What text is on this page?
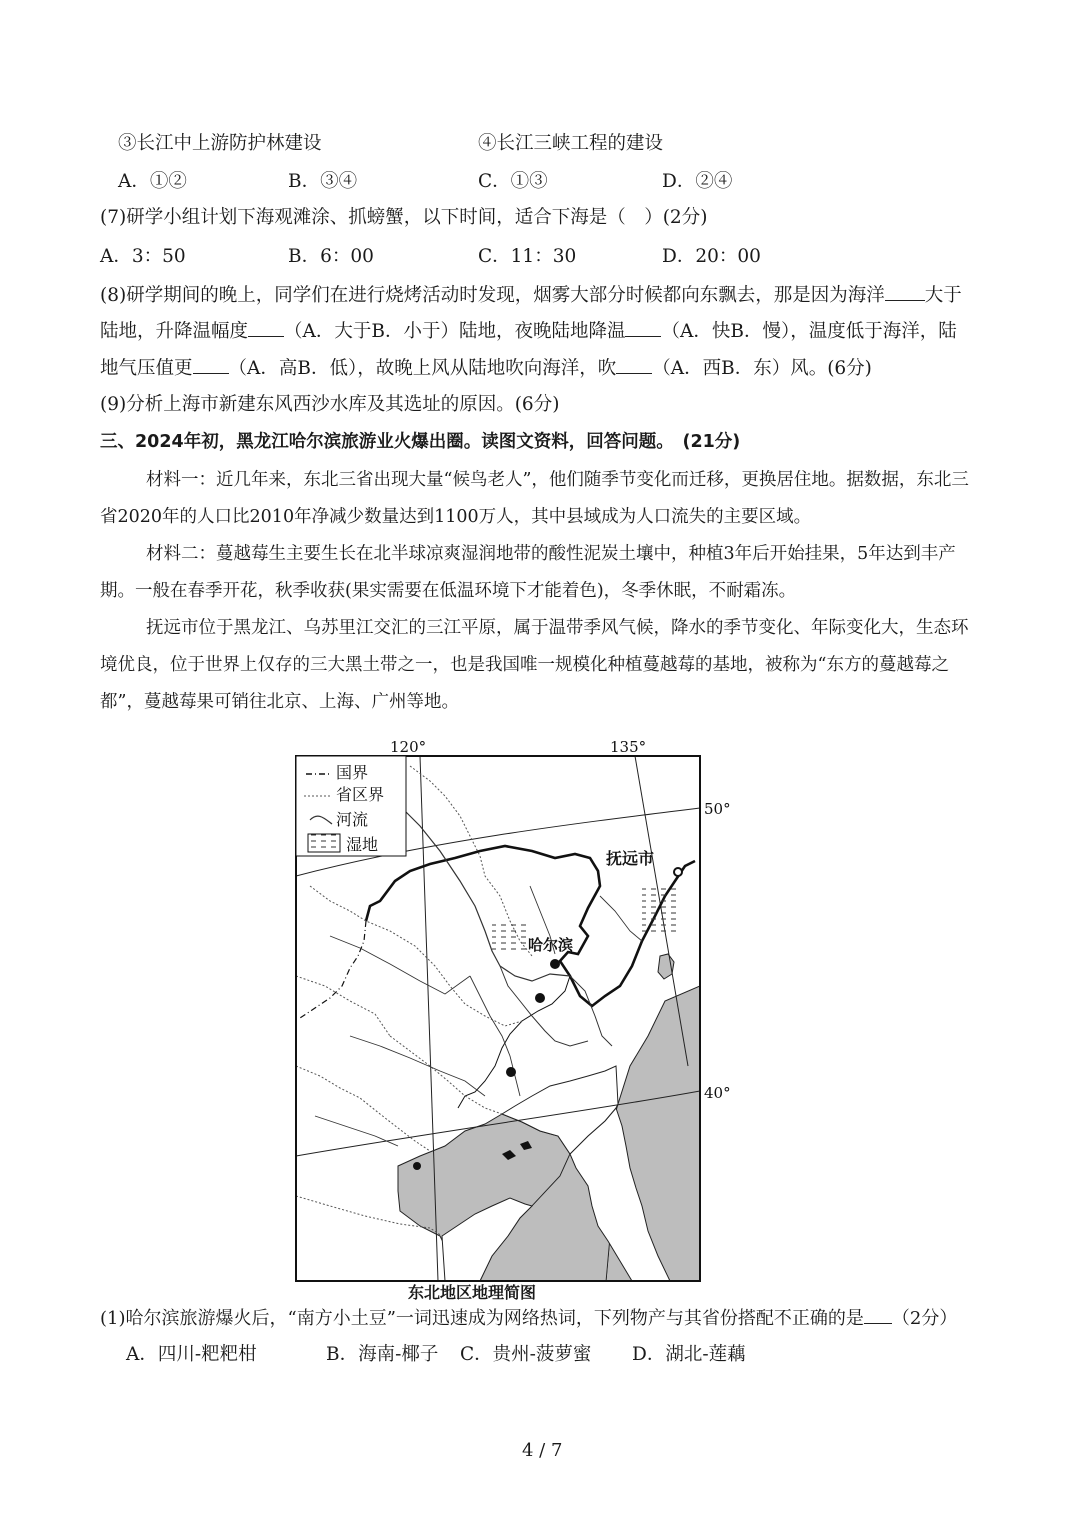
③长江中上游防护林建设	④长江三峡工程的建设
A．①②	B．③④	C．①③	D．②④
(7)研学小组计划下海观滩涂、抓螃蟹，以下时间，适合下海是（　）(2分)
A．3：50	B．6：00	C．11：30	D．20：00
(8)研学期间的晚上，同学们在进行烧烤活动时发现，烟雾大部分时候都向东飘去，那是因为海洋 大于
陆地，升降温幅度 （A．大于B．小于）陆地，夜晚陆地降温 （A．快B．慢），温度低于海洋，陆
地气压值更 （A．高B．低），故晚上风从陆地吹向海洋，吹 （A．西B．东）风。(6分)
(9)分析上海市新建东风西沙水库及其选址的原因。(6分)
三、2024年初，黑龙江哈尔滨旅游业火爆出圈。读图文资料，回答问题。　(21分)
材料一：近几年来，东北三省出现大量“候鸟老人”，他们随季节变化而迁移，更换居住地。据数据，东北三省2020年的人口比2010年净减少数量达到1100万人，其中县域成为人口流失的主要区域。
材料二：蔓越莓生主要生长在北半球凉爽湿润地带的酸性泥炭土壤中，种植3年后开始挂果，5年达到丰产期。一般在春季开花，秋季收获(果实需要在低温环境下才能着色)，冬季休眠，不耐霜冻。
抚远市位于黑龙江、乌苏里江交汇的三江平原，属于温带季风气候，降水的季节变化、年际变化大，生态环境优良，位于世界上仅存的三大黑土带之一，也是我国唯一规模化种植蔓越莓的基地，被称为“东方的蔓越莓之都”，蔓越莓果可销往北京、上海、广州等地。
国界
省区界
河流
湿地
120°	135°
50°
40°
抚远市
哈尔滨
东北地区地理简图
(1)哈尔滨旅游爆火后，“南方小土豆”一词迅速成为网络热词，下列物产与其省份搭配不正确的是 （2分）
A．四川-粑粑柑	B．海南-椰子 C．贵州-菠萝蜜 D．湖北-莲藕
4 / 7
